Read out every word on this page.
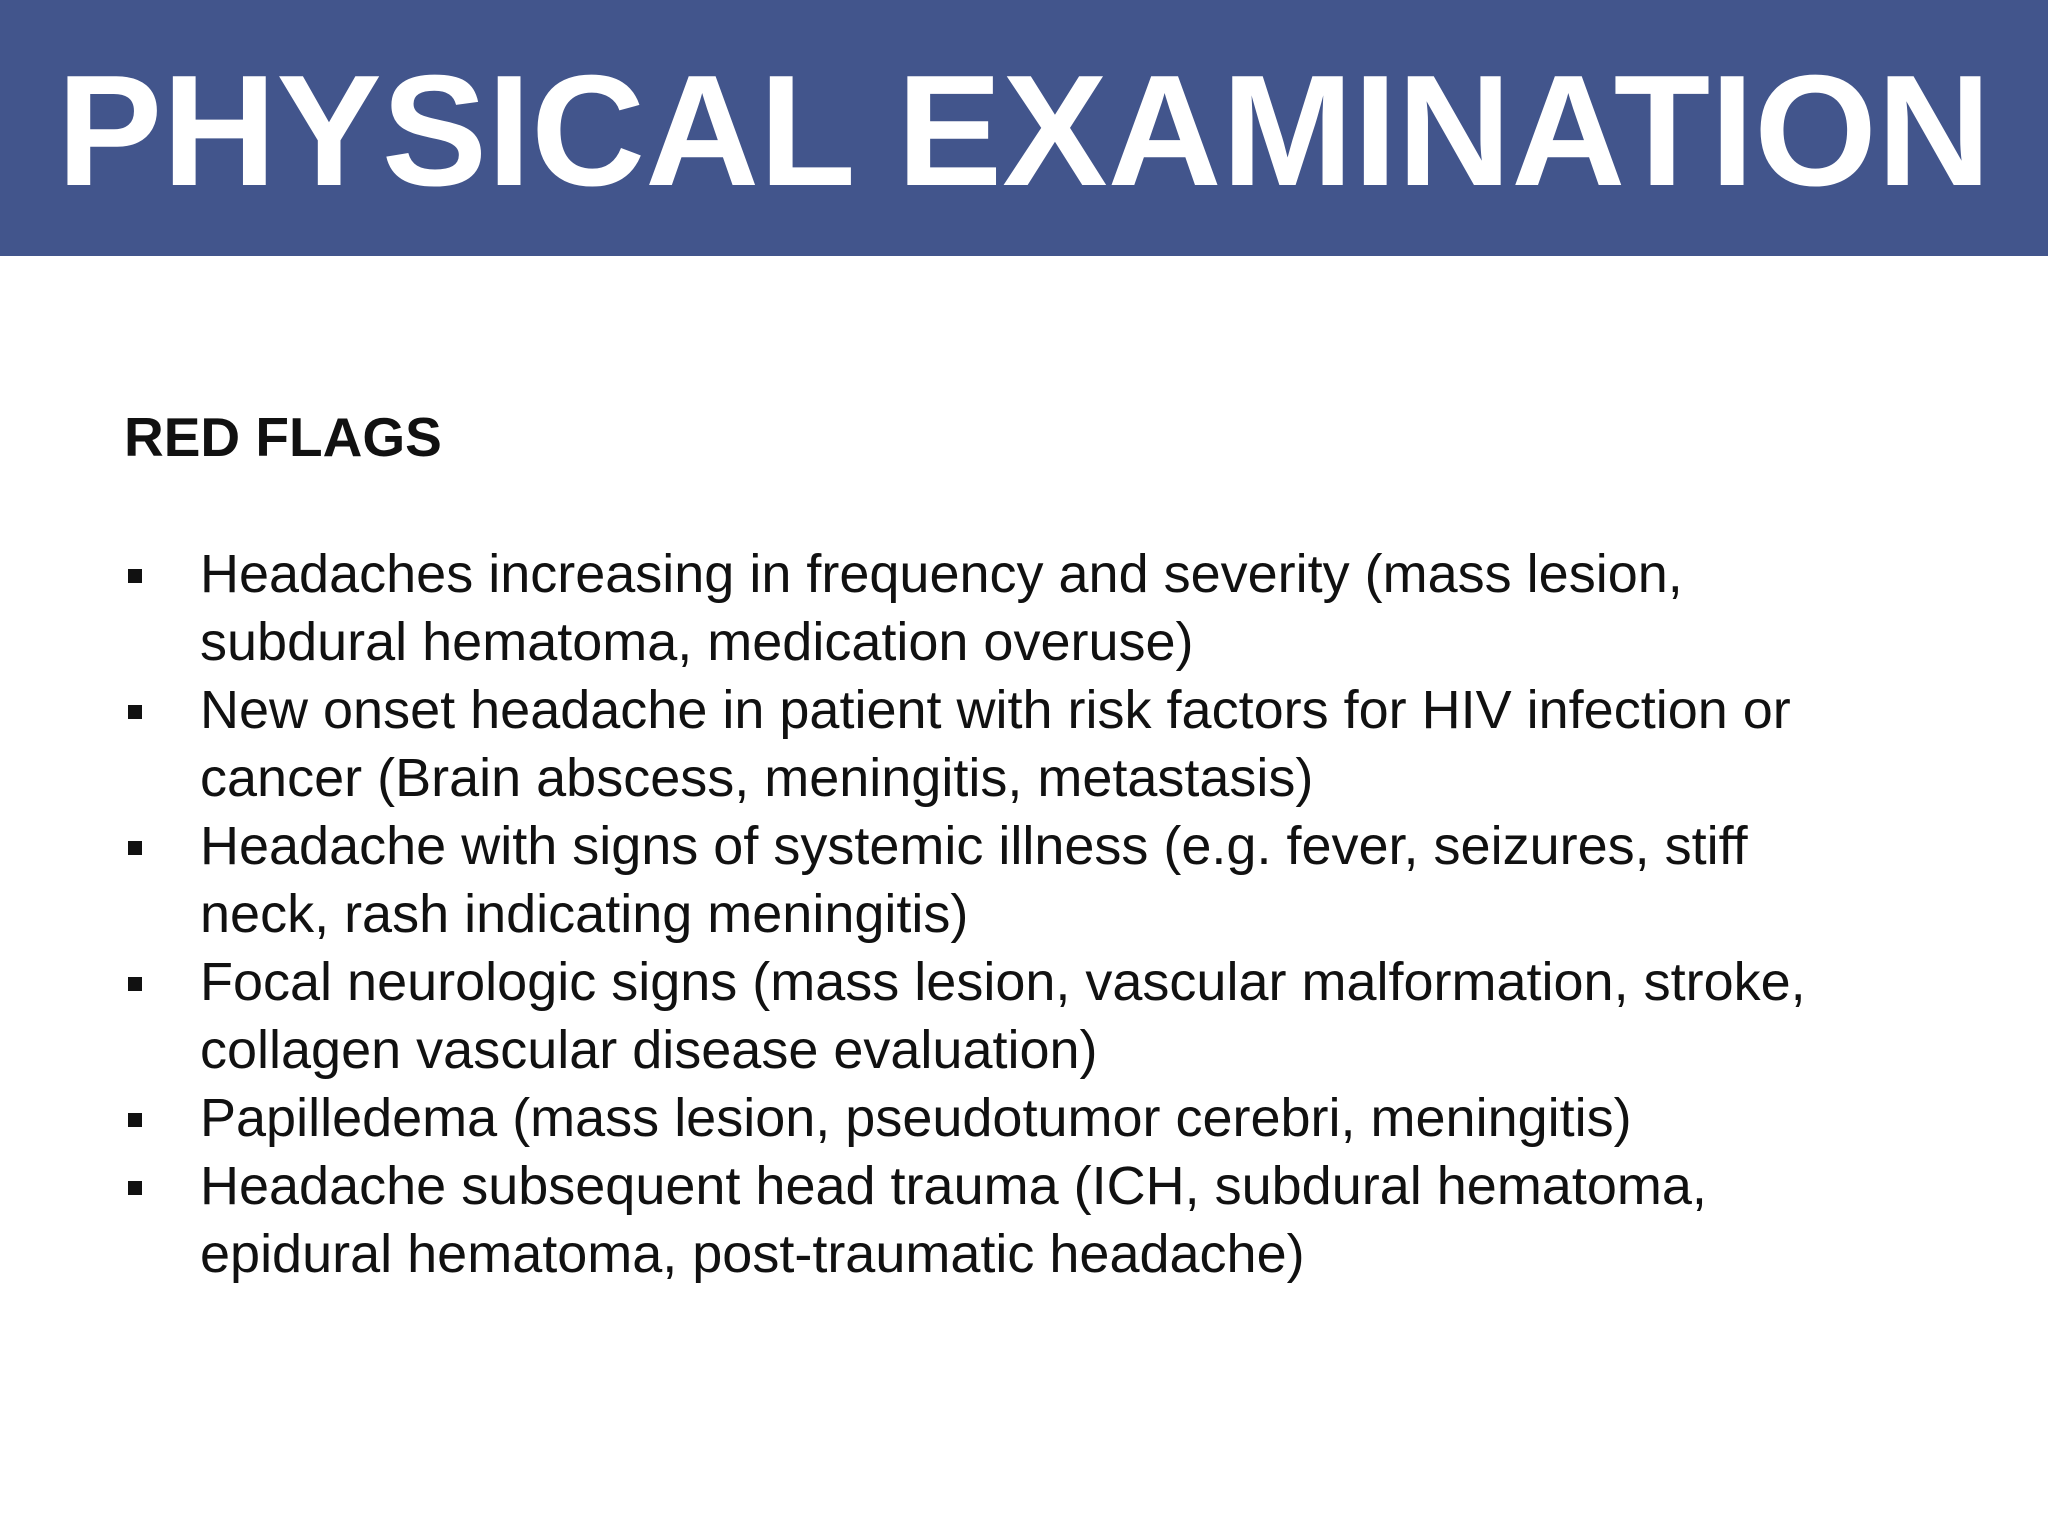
PHYSICAL EXAMINATION
RED FLAGS
Headaches increasing in frequency and severity (mass lesion,
subdural hematoma, medication overuse)
New onset headache in patient with risk factors for HIV infection or
cancer (Brain abscess, meningitis, metastasis)
Headache with signs of systemic illness (e.g. fever, seizures, stiff
neck, rash indicating meningitis)
Focal neurologic signs (mass lesion, vascular malformation, stroke,
collagen vascular disease evaluation)
Papilledema (mass lesion, pseudotumor cerebri, meningitis)
Headache subsequent head trauma (ICH, subdural hematoma,
epidural hematoma, post-traumatic headache)
